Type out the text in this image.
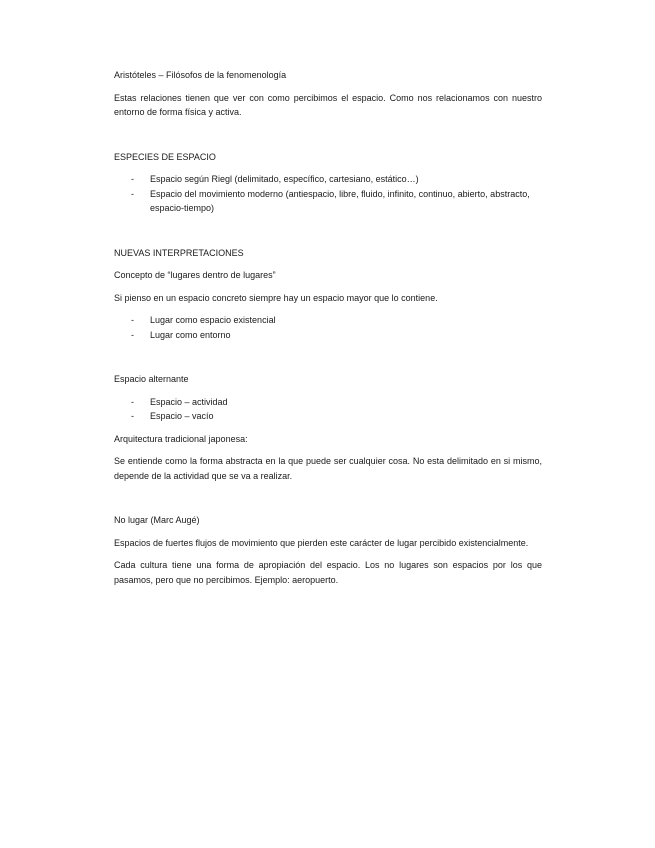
Aristóteles – Filósofos de la fenomenología

Estas relaciones tienen que ver con como percibimos el espacio. Como nos relacionamos con nuestro entorno de forma física y activa.

ESPECIES DE ESPACIO

- Espacio según Riegl (delimitado, específico, cartesiano, estático…)
- Espacio del movimiento moderno (antiespacio, libre, fluido, infinito, continuo, abierto, abstracto, espacio-tiempo)

NUEVAS INTERPRETACIONES

Concepto de “lugares dentro de lugares”

Si pienso en un espacio concreto siempre hay un espacio mayor que lo contiene.

- Lugar como espacio existencial
- Lugar como entorno

Espacio alternante

- Espacio – actividad
- Espacio – vacío

Arquitectura tradicional japonesa:

Se entiende como la forma abstracta en la que puede ser cualquier cosa. No esta delimitado en si mismo, depende de la actividad que se va a realizar.

No lugar (Marc Augé)

Espacios de fuertes flujos de movimiento que pierden este carácter de lugar percibido existencialmente.

Cada cultura tiene una forma de apropiación del espacio. Los no lugares son espacios por los que pasamos, pero que no percibimos. Ejemplo: aeropuerto.
